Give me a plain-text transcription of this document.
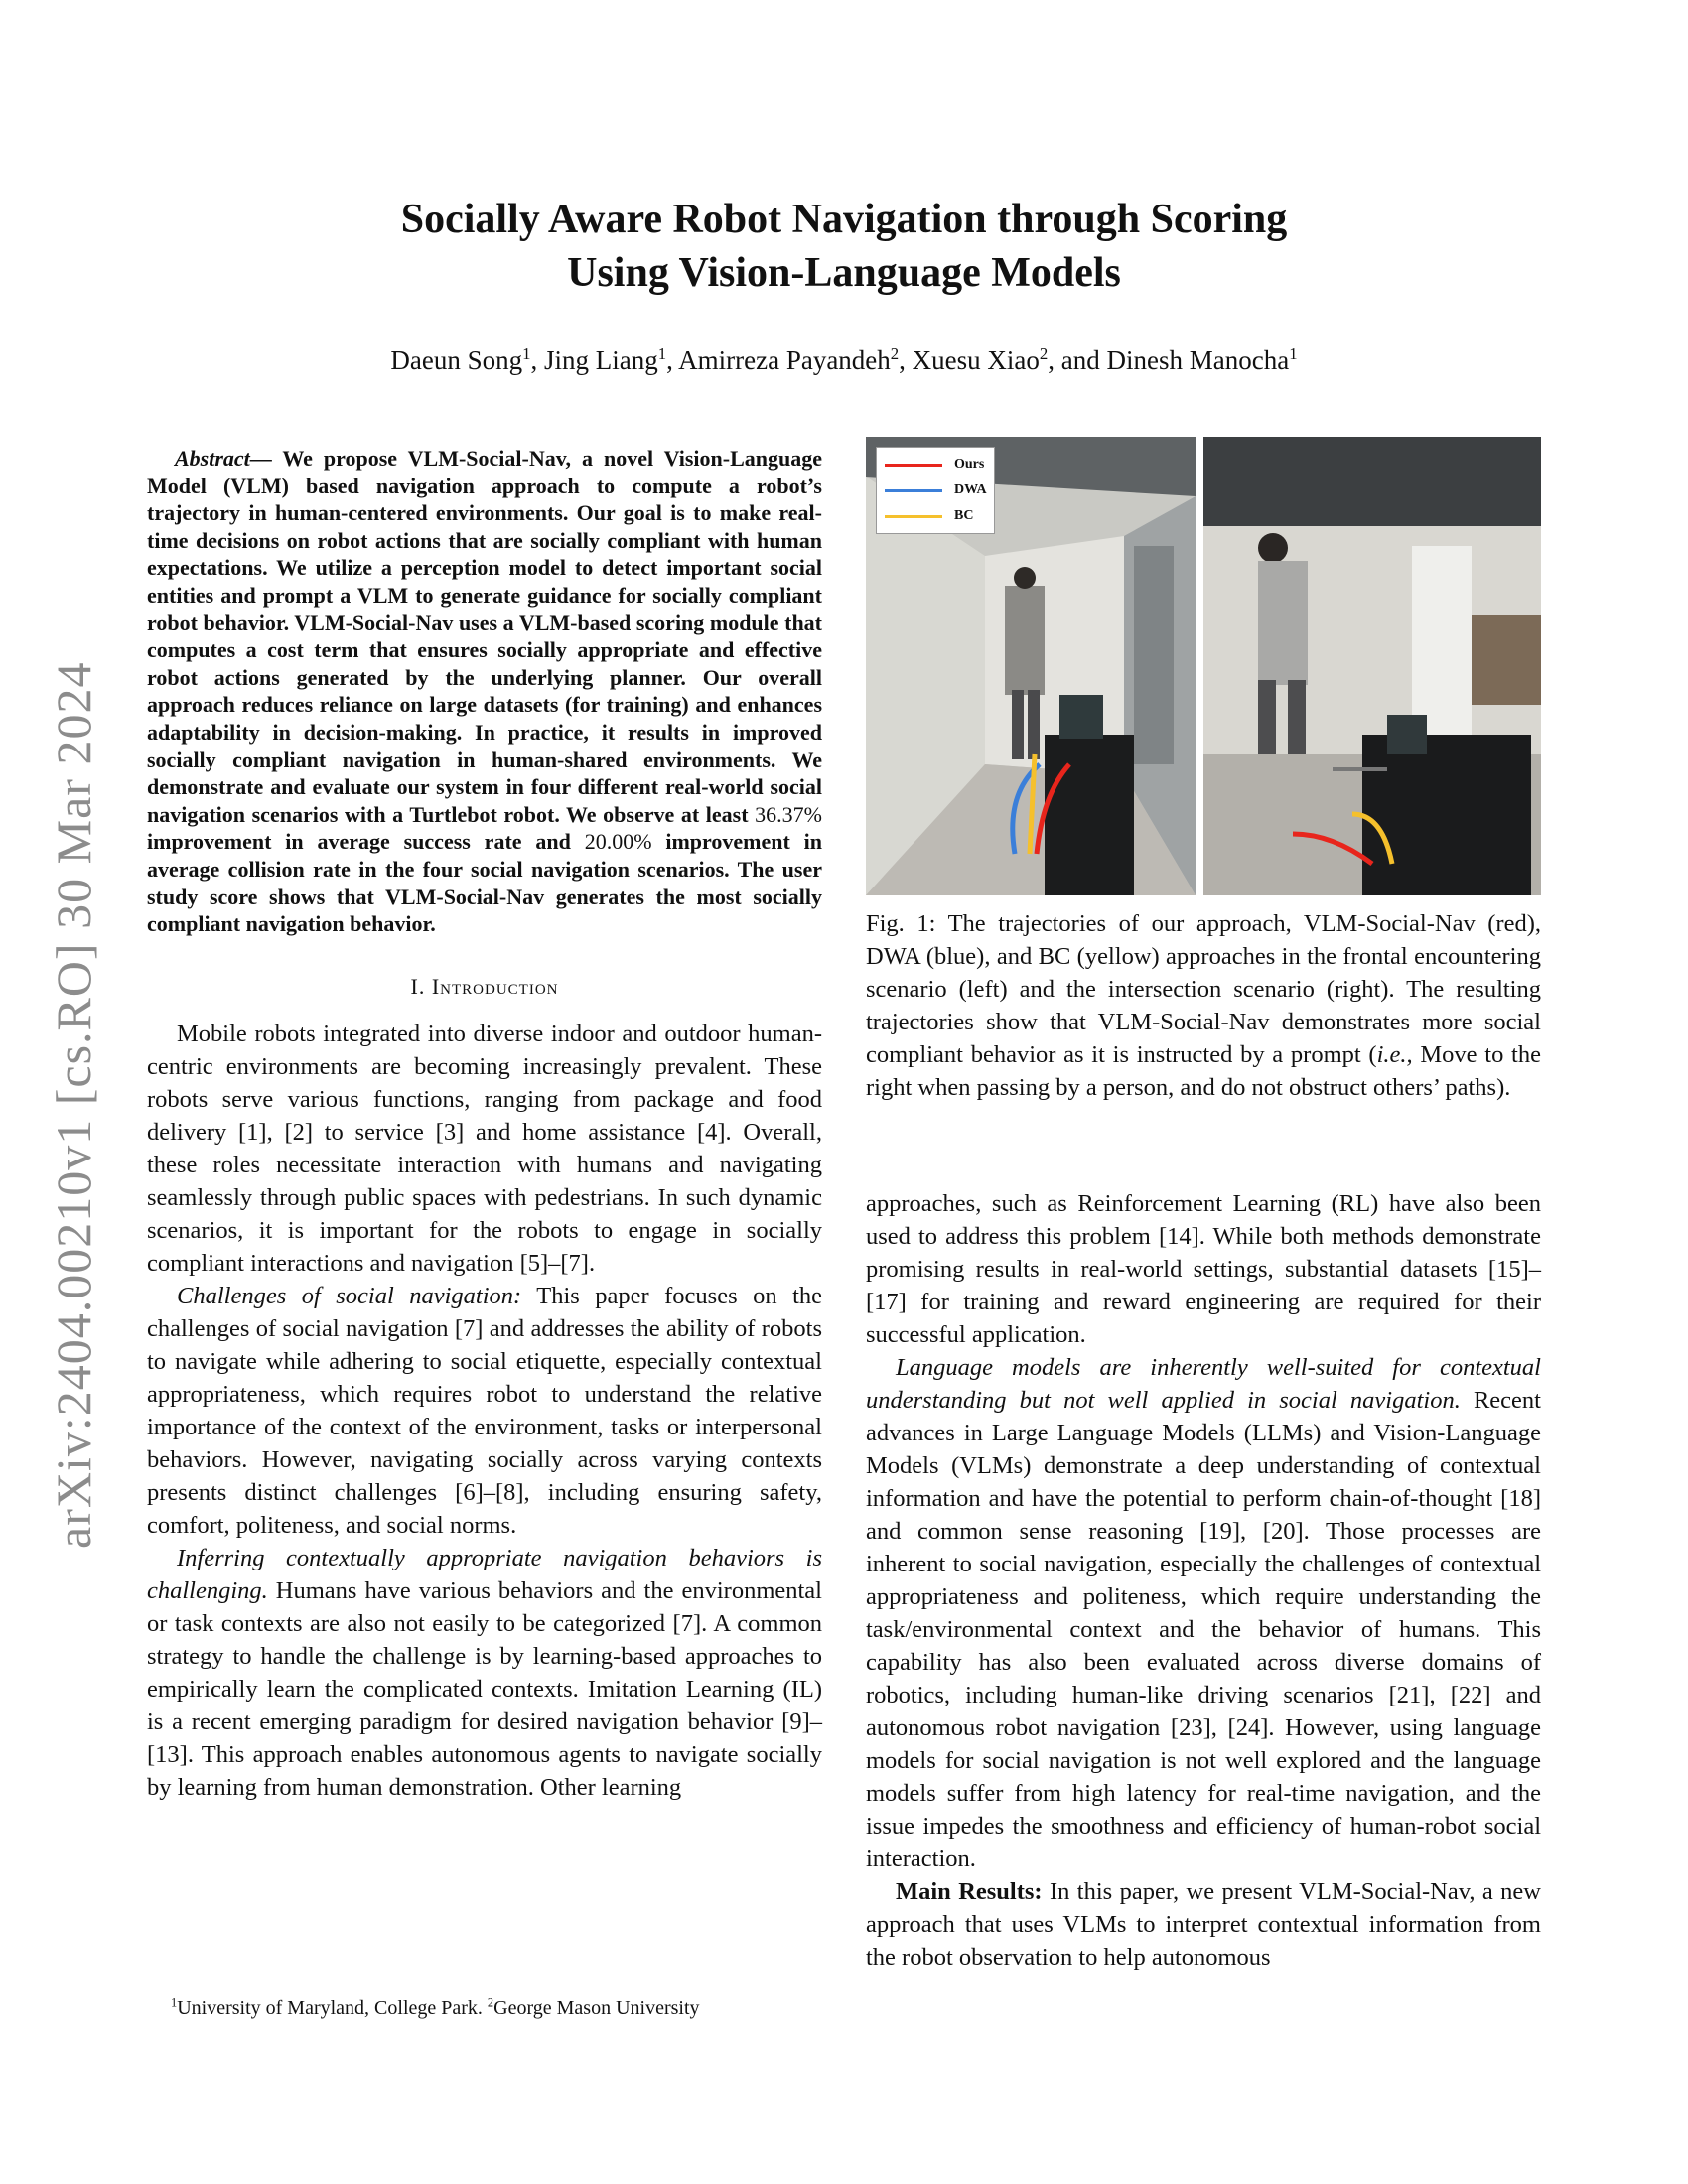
arXiv:2404.00210v1 [cs.RO] 30 Mar 2024
Socially Aware Robot Navigation through Scoring
Using Vision-Language Models
Daeun Song$^1$, Jing Liang$^1$, Amirreza Payandeh$^2$, Xuesu Xiao$^2$, and Dinesh Manocha$^1$

Abstract— We propose VLM-Social-Nav, a novel Vision-Language Model (VLM) based navigation approach to compute a robot’s trajectory in human-centered environments. Our goal is to make real-time decisions on robot actions that are socially compliant with human expectations. We utilize a perception model to detect important social entities and prompt a VLM to generate guidance for socially compliant robot behavior. VLM-Social-Nav uses a VLM-based scoring module that computes a cost term that ensures socially appropriate and effective robot actions generated by the underlying planner. Our overall approach reduces reliance on large datasets (for training) and enhances adaptability in decision-making. In practice, it results in improved socially compliant navigation in human-shared environments. We demonstrate and evaluate our system in four different real-world social navigation scenarios with a Turtlebot robot. We observe at least 36.37% improvement in average success rate and 20.00% improvement in average collision rate in the four social navigation scenarios. The user study score shows that VLM-Social-Nav generates the most socially compliant navigation behavior.

I. Introduction

Mobile robots integrated into diverse indoor and outdoor human-centric environments are becoming increasingly prevalent. These robots serve various functions, ranging from package and food delivery [1], [2] to service [3] and home assistance [4]. Overall, these roles necessitate interaction with humans and navigating seamlessly through public spaces with pedestrians. In such dynamic scenarios, it is important for the robots to engage in socially compliant interactions and navigation [5]–[7].

Challenges of social navigation: This paper focuses on the challenges of social navigation [7] and addresses the ability of robots to navigate while adhering to social etiquette, especially contextual appropriateness, which requires robot to understand the relative importance of the context of the environment, tasks or interpersonal behaviors. However, navigating socially across varying contexts presents distinct challenges [6]–[8], including ensuring safety, comfort, politeness, and social norms.

Inferring contextually appropriate navigation behaviors is challenging. Humans have various behaviors and the environmental or task contexts are also not easily to be categorized [7]. A common strategy to handle the challenge is by learning-based approaches to empirically learn the complicated contexts. Imitation Learning (IL) is a recent emerging paradigm for desired navigation behavior [9]–[13]. This approach enables autonomous agents to navigate socially by learning from human demonstration. Other learning

$^1$University of Maryland, College Park. $^2$George Mason University
Ours
DWA
BC
Fig. 1: The trajectories of our approach, VLM-Social-Nav (red), DWA (blue), and BC (yellow) approaches in the frontal encountering scenario (left) and the intersection scenario (right). The resulting trajectories show that VLM-Social-Nav demonstrates more social compliant behavior as it is instructed by a prompt (i.e., Move to the right when passing by a person, and do not obstruct others’ paths).

approaches, such as Reinforcement Learning (RL) have also been used to address this problem [14]. While both methods demonstrate promising results in real-world settings, substantial datasets [15]–[17] for training and reward engineering are required for their successful application.

Language models are inherently well-suited for contextual understanding but not well applied in social navigation. Recent advances in Large Language Models (LLMs) and Vision-Language Models (VLMs) demonstrate a deep understanding of contextual information and have the potential to perform chain-of-thought [18] and common sense reasoning [19], [20]. Those processes are inherent to social navigation, especially the challenges of contextual appropriateness and politeness, which require understanding the task/environmental context and the behavior of humans. This capability has also been evaluated across diverse domains of robotics, including human-like driving scenarios [21], [22] and autonomous robot navigation [23], [24]. However, using language models for social navigation is not well explored and the language models suffer from high latency for real-time navigation, and the issue impedes the smoothness and efficiency of human-robot social interaction.

Main Results: In this paper, we present VLM-Social-Nav, a new approach that uses VLMs to interpret contextual information from the robot observation to help autonomous
